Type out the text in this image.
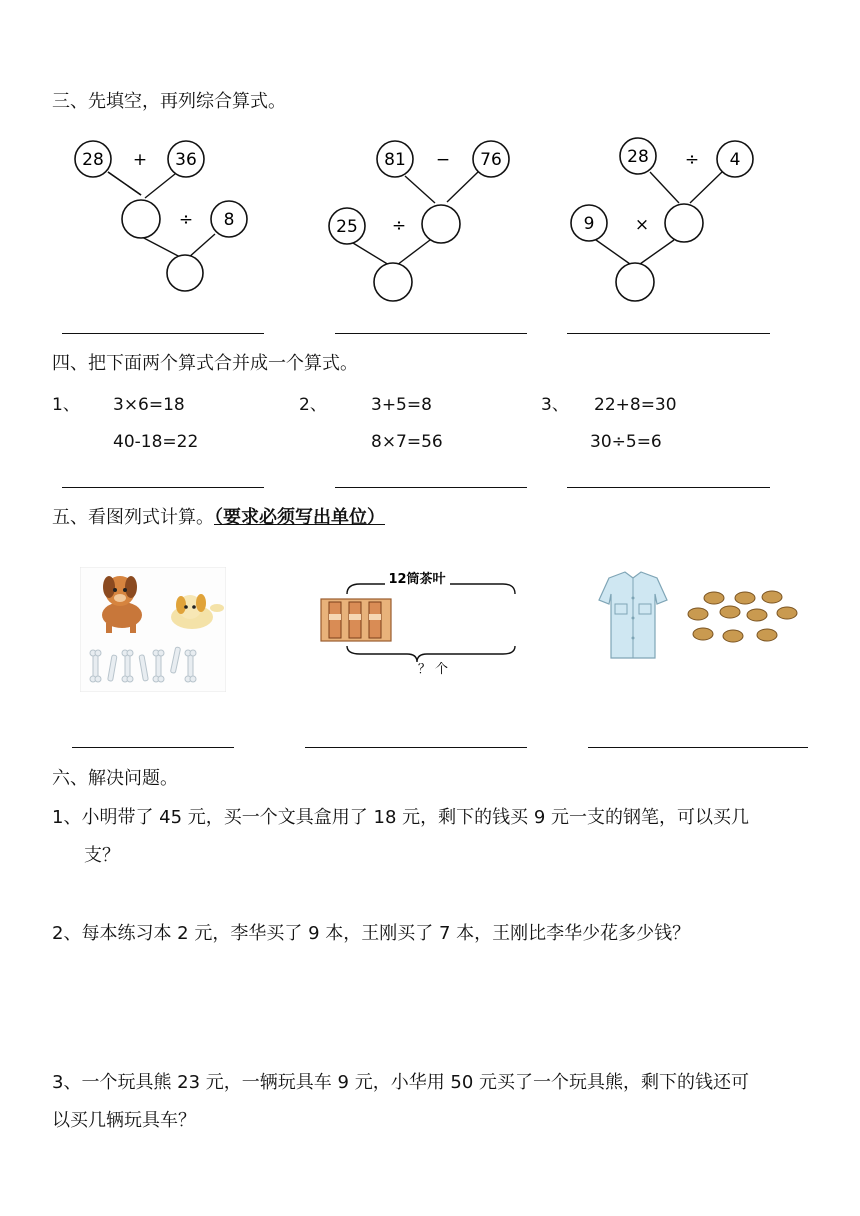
三、先填空，再列综合算式。
28 + 36
÷ 8
81 − 76
25 ÷
28 ÷ 4
9 ×
四、把下面两个算式合并成一个算式。
1、 3×6=18
40-18=22
2、	3+5=8
8×7=56
3、 22+8=30
30÷5=6
五、看图列式计算。（要求必须写出单位）
12筒茶叶
？ 个
六、解决问题。
1、小明带了 45 元，买一个文具盒用了 18 元，剩下的钱买 9 元一支的钢笔，可以买几
支？
2、每本练习本 2 元，李华买了 9 本，王刚买了 7 本，王刚比李华少花多少钱？
3、一个玩具熊 23 元，一辆玩具车 9 元，小华用 50 元买了一个玩具熊，剩下的钱还可
以买几辆玩具车？
